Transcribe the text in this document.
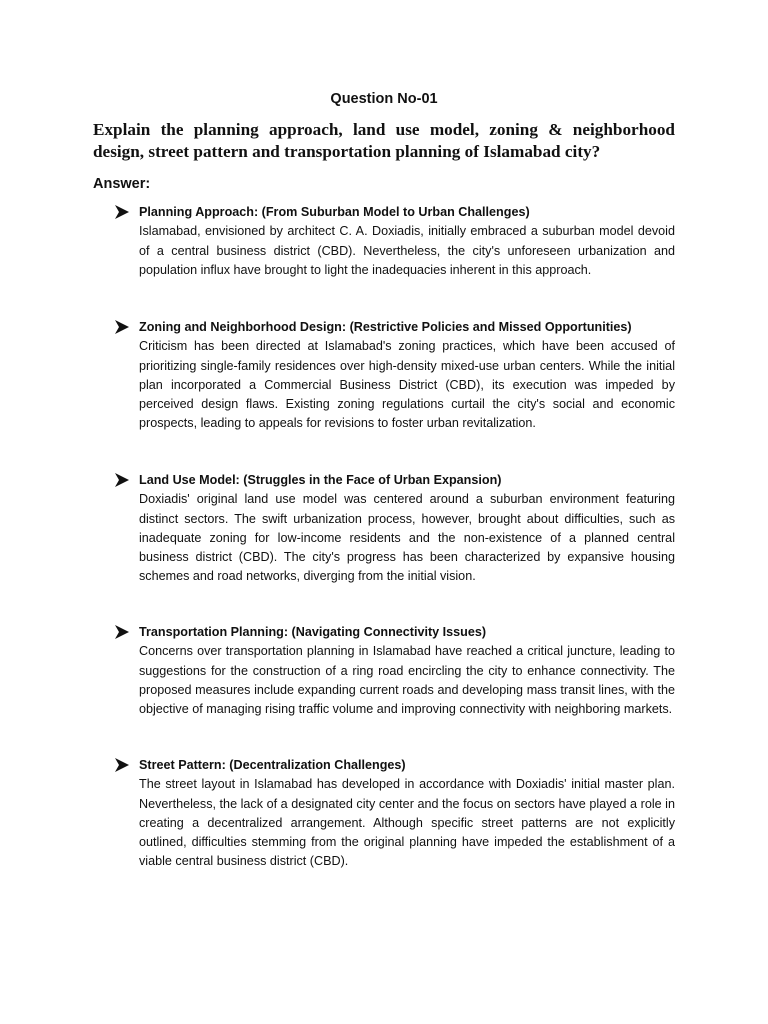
Question No-01
Explain the planning approach, land use model, zoning & neighborhood design, street pattern and transportation planning of Islamabad city?
Answer:
Planning Approach: (From Suburban Model to Urban Challenges)
Islamabad, envisioned by architect C. A. Doxiadis, initially embraced a suburban model devoid of a central business district (CBD). Nevertheless, the city's unforeseen urbanization and population influx have brought to light the inadequacies inherent in this approach.
Zoning and Neighborhood Design: (Restrictive Policies and Missed Opportunities)
Criticism has been directed at Islamabad's zoning practices, which have been accused of prioritizing single-family residences over high-density mixed-use urban centers. While the initial plan incorporated a Commercial Business District (CBD), its execution was impeded by perceived design flaws. Existing zoning regulations curtail the city's social and economic prospects, leading to appeals for revisions to foster urban revitalization.
Land Use Model: (Struggles in the Face of Urban Expansion)
Doxiadis' original land use model was centered around a suburban environment featuring distinct sectors. The swift urbanization process, however, brought about difficulties, such as inadequate zoning for low-income residents and the non-existence of a planned central business district (CBD). The city's progress has been characterized by expansive housing schemes and road networks, diverging from the initial vision.
Transportation Planning: (Navigating Connectivity Issues)
Concerns over transportation planning in Islamabad have reached a critical juncture, leading to suggestions for the construction of a ring road encircling the city to enhance connectivity. The proposed measures include expanding current roads and developing mass transit lines, with the objective of managing rising traffic volume and improving connectivity with neighboring markets.
Street Pattern: (Decentralization Challenges)
The street layout in Islamabad has developed in accordance with Doxiadis' initial master plan. Nevertheless, the lack of a designated city center and the focus on sectors have played a role in creating a decentralized arrangement. Although specific street patterns are not explicitly outlined, difficulties stemming from the original planning have impeded the establishment of a viable central business district (CBD).
